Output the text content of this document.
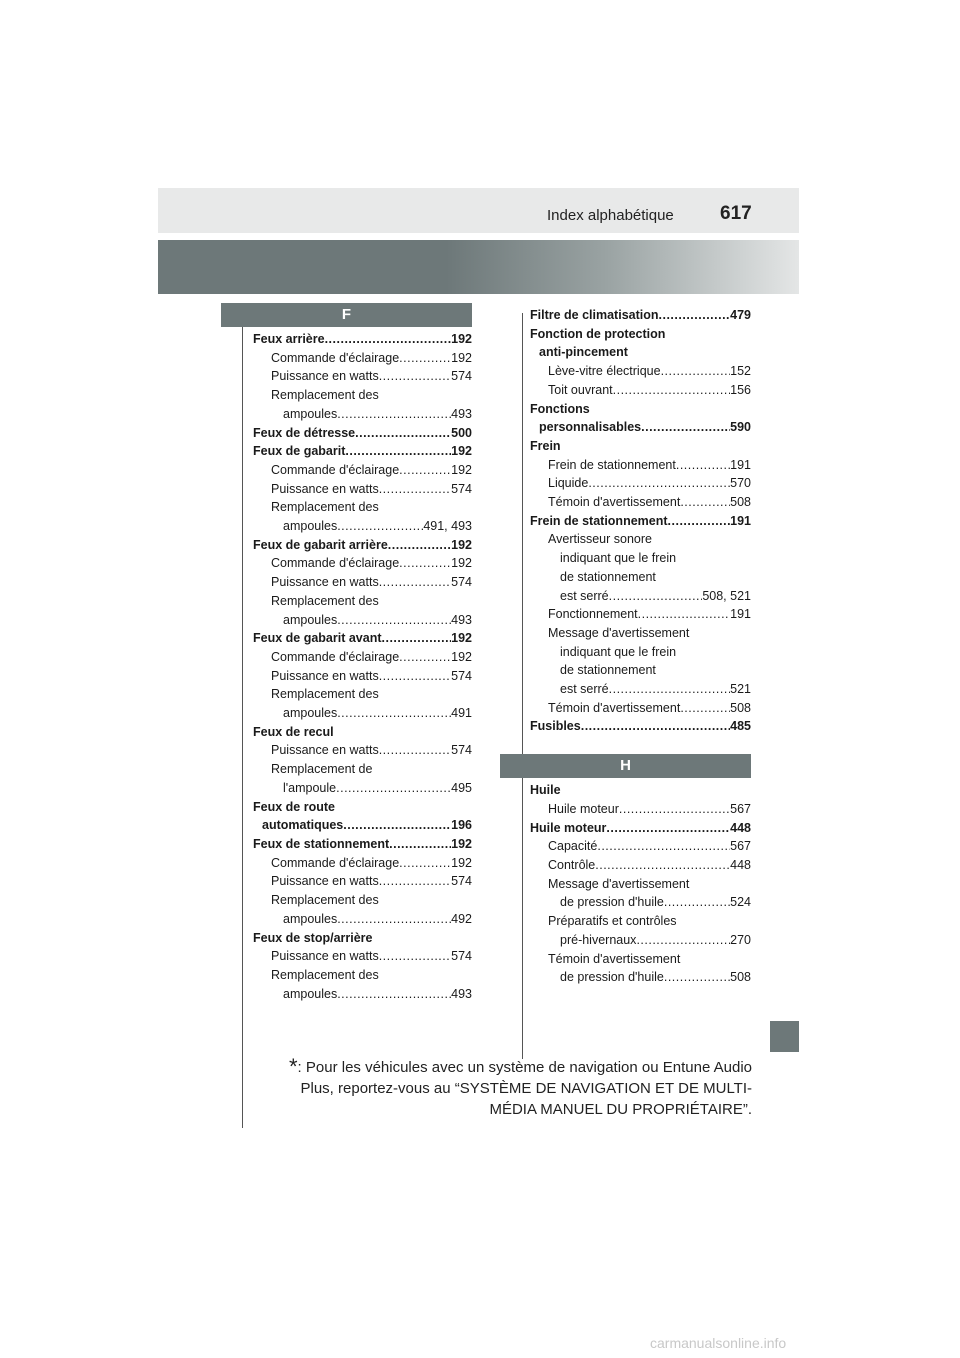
Index alphabétique 617
F
Feux arrière .....	192
Commande d'éclairage .....	192
Puissance en watts .....	574
Remplacement des
ampoules .....	493
Feux de détresse .....	500
Feux de gabarit .....	192
Commande d'éclairage .....	192
Puissance en watts .....	574
Remplacement des
ampoules .....	491, 493
Feux de gabarit arrière .....	192
Commande d'éclairage .....	192
Puissance en watts .....	574
Remplacement des
ampoules .....	493
Feux de gabarit avant .....	192
Commande d'éclairage .....	192
Puissance en watts .....	574
Remplacement des
ampoules .....	491
Feux de recul
Puissance en watts .....	574
Remplacement de
l'ampoule .....	495
Feux de route
automatiques .....	196
Feux de stationnement .....	192
Commande d'éclairage .....	192
Puissance en watts .....	574
Remplacement des
ampoules .....	492
Feux de stop/arrière
Puissance en watts .....	574
Remplacement des
ampoules .....	493
Filtre de climatisation .....	479
Fonction de protection
anti-pincement
Lève-vitre électrique .....	152
Toit ouvrant .....	156
Fonctions
personnalisables .....	590
Frein
Frein de stationnement .....	191
Liquide .....	570
Témoin d'avertissement .....	508
Frein de stationnement .....	191
Avertisseur sonore
indiquant que le frein
de stationnement
est serré .....	508, 521
Fonctionnement .....	191
Message d'avertissement
indiquant que le frein
de stationnement
est serré .....	521
Témoin d'avertissement .....	508
Fusibles .....	485
H
Huile
Huile moteur .....	567
Huile moteur .....	448
Capacité .....	567
Contrôle .....	448
Message d'avertissement
de pression d'huile .....	524
Préparatifs et contrôles
pré-hivernaux .....	270
Témoin d'avertissement
de pression d'huile .....	508
*: Pour les véhicules avec un système de navigation ou Entune Audio Plus, reportez-vous au “SYSTÈME DE NAVIGATION ET DE MULTI-MÉDIA MANUEL DU PROPRIÉTAIRE”.
carmanualsonline.info
